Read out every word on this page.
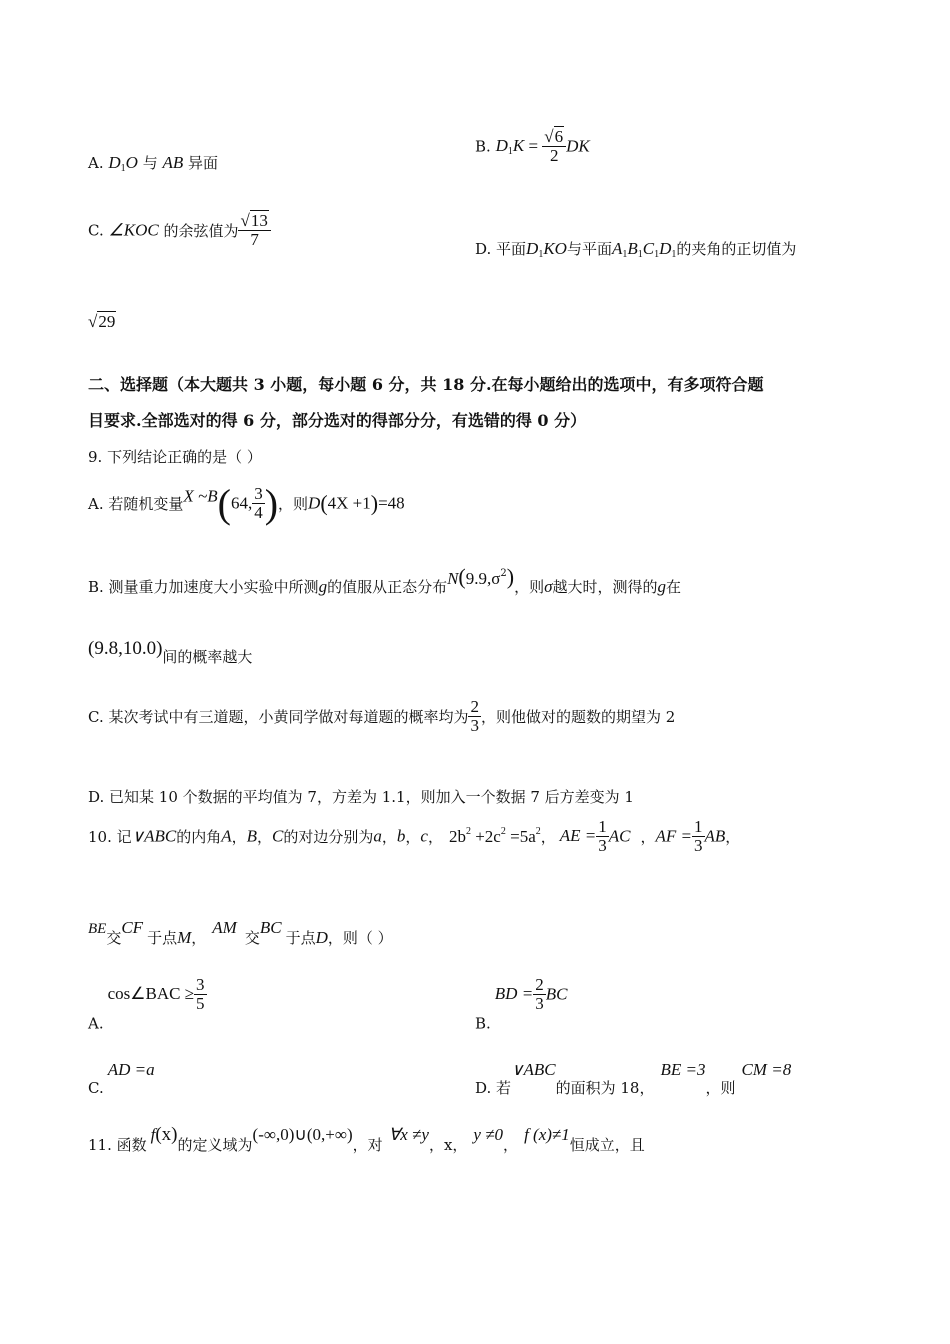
A. $D_1O$ 与 AB 异面
B. $D_1K = \frac{√6}{2}$ DK
C. ∠KOC 的余弦值为 $\frac{√13}{7}$
D. 平面$D_1KO$与平面$A_1B_1C_1D_1$的夹角的正切值为
√29
二、选择题（本大题共 3 小题，每小题 6 分，共 18 分.在每小题给出的选项中，有多项符合题
目要求.全部选对的得 6 分，部分选对的得部分分，有选错的得 0 分）
9. 下列结论正确的是（ ）
A. 若随机变量X ~B(64, $\frac{3}{4}$ )，则D(4X +1)=48
B. 测量重力加速度大小实验中所测g的值服从正态分布$N(9.9,\sigma^2)$，则σ越大时，测得的g在
(9.8,10.0)间的概率越大
C. 某次考试中有三道题，小黄同学做对每道题的概率均为 $\frac{2}{3}$ ，则他做对的题数的期望为 2
D. 已知某 10 个数据的平均值为 7，方差为 1.1，则加入一个数据 7 后方差变为 1
10. 记∨ABC的内角A，B，C的对边分别为a，b，c， $2b^2 +2c^2 =5a^2$， AE = $\frac{1}{3}$ AC ，AF = $\frac{1}{3}$ AB，
BE交CF于点M，AM交BC于点D，则（ ）
A.cos∠BAC ≥ $\frac{3}{5}$
$B.BD = \frac{2}{3}$ BC
C.AD =a
D. 若∨ABC的面积为 18，BE =3，则CM =8
11. 函数f(x)的定义域为(-∞,0)∪(0,+∞)，对∀x ≠y，x，y ≠0，f (x)≠1恒成立，且
